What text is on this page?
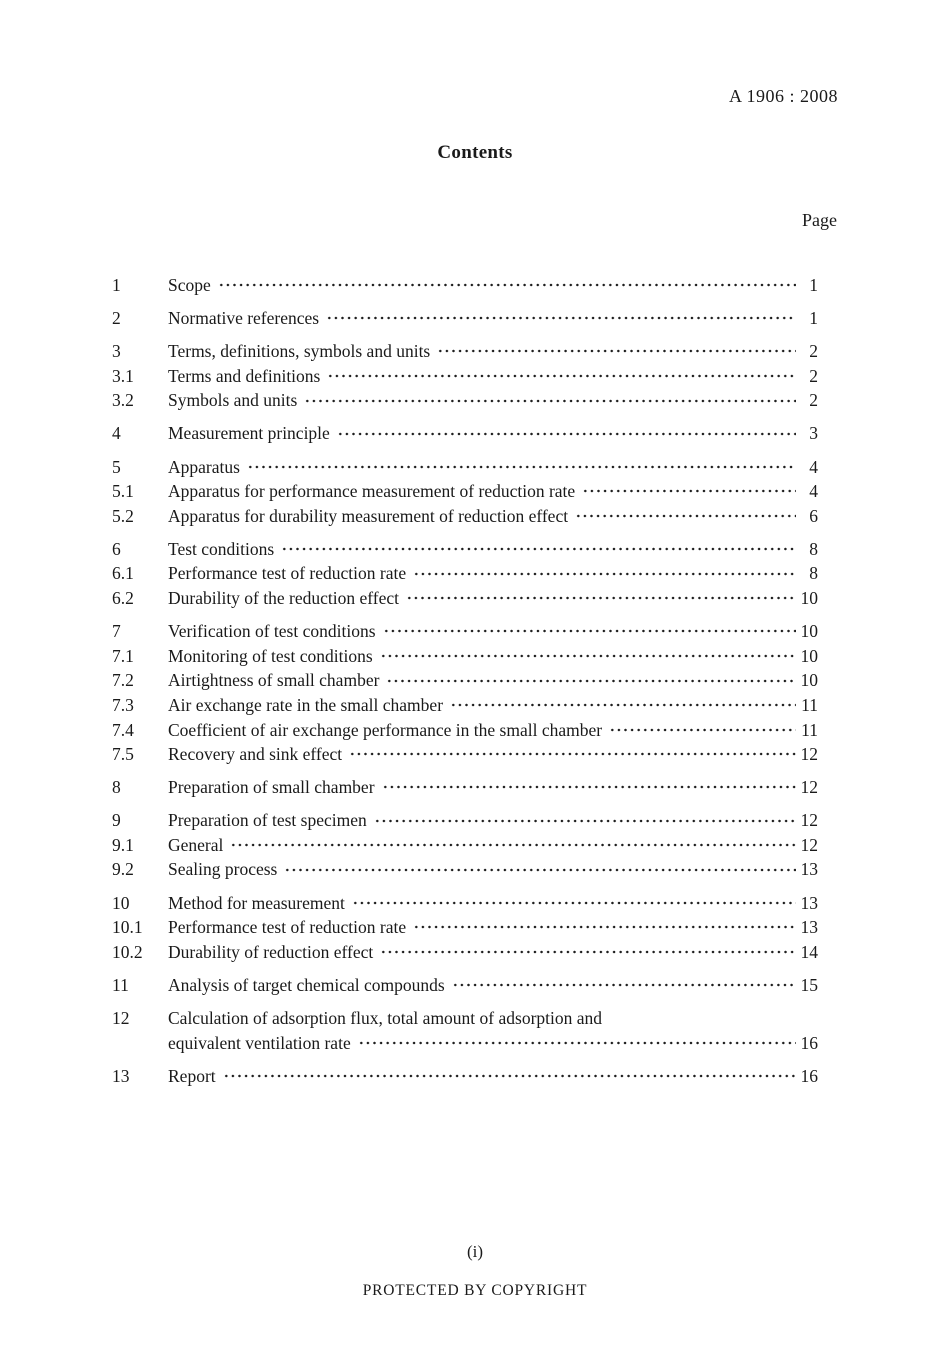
A 1906 : 2008
Contents
Page
1	Scope	1
2	Normative references	1
3	Terms, definitions, symbols and units	2
3.1	Terms and definitions	2
3.2	Symbols and units	2
4	Measurement principle	3
5	Apparatus	4
5.1	Apparatus for performance measurement of reduction rate	4
5.2	Apparatus for durability measurement of reduction effect	6
6	Test conditions	8
6.1	Performance test of reduction rate	8
6.2	Durability of the reduction effect	10
7	Verification of test conditions	10
7.1	Monitoring of test conditions	10
7.2	Airtightness of small chamber	10
7.3	Air exchange rate in the small chamber	11
7.4	Coefficient of air exchange performance in the small chamber	11
7.5	Recovery and sink effect	12
8	Preparation of small chamber	12
9	Preparation of test specimen	12
9.1	General	12
9.2	Sealing process	13
10	Method for measurement	13
10.1	Performance test of reduction rate	13
10.2	Durability of reduction effect	14
11	Analysis of target chemical compounds	15
12	Calculation of adsorption flux, total amount of adsorption and
equivalent ventilation rate	16
13	Report	16
(i)
PROTECTED BY COPYRIGHT
